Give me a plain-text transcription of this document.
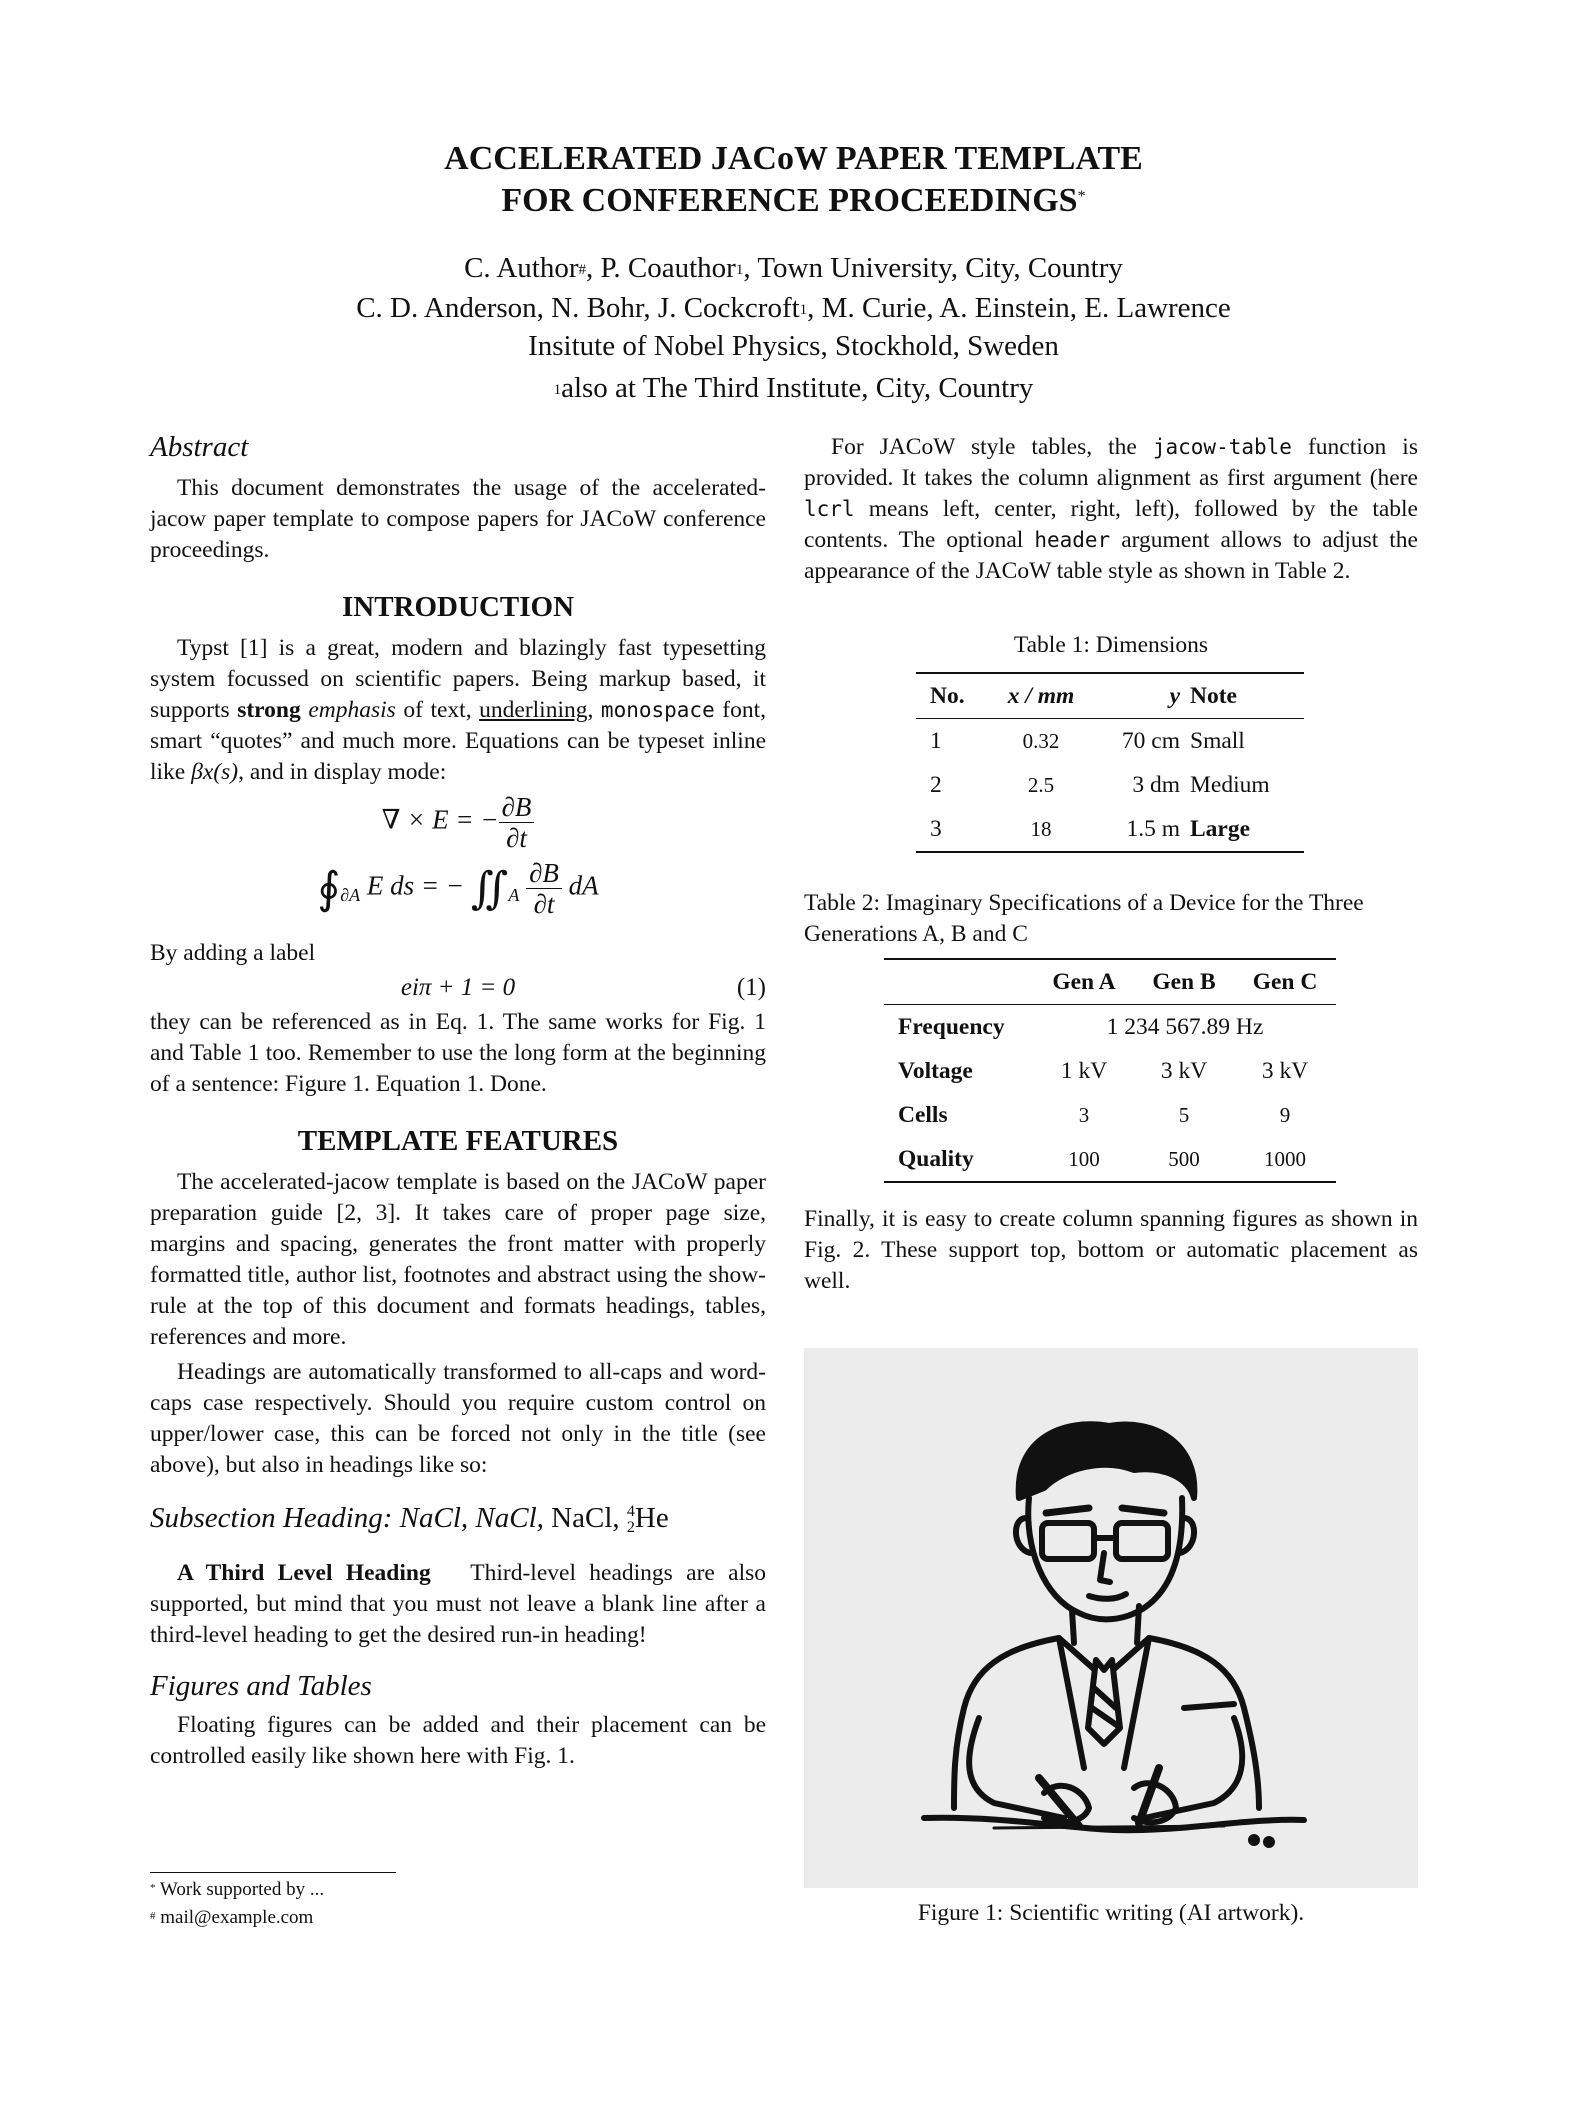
ACCELERATED JACoW PAPER TEMPLATE
FOR CONFERENCE PROCEEDINGS*
C. Author#, P. Coauthor$^1$, Town University, City, Country
C. D. Anderson, N. Bohr, J. Cockcroft$^1$, M. Curie, A. Einstein, E. Lawrence
Insitute of Nobel Physics, Stockhold, Sweden
$^1$also at The Third Institute, City, Country
Abstract
This document demonstrates the usage of the accelerated-jacow paper template to compose papers for JACoW conference proceedings.
INTRODUCTION
Typst [1] is a great, modern and blazingly fast typesetting system focussed on scientific papers. Being markup based, it supports strong emphasis of text, underlining, monospace font, smart “quotes” and much more. Equations can be typeset inline like βx(s), and in display mode:
∇ × E = − $\frac{\partial B}{\partial t}$
$∮_{\partial A}$ E ds = − $∬_A \frac{\partial B}{\partial t}$ dA
By adding a label
eiπ + 1 = 0	(1)
they can be referenced as in Eq. 1. The same works for Fig. 1 and Table 1 too. Remember to use the long form at the beginning of a sentence: Figure 1. Equation 1. Done.
TEMPLATE FEATURES
The accelerated-jacow template is based on the JACoW paper preparation guide [2, 3]. It takes care of proper page size, margins and spacing, generates the front matter with properly formatted title, author list, footnotes and abstract using the show-rule at the top of this document and formats headings, tables, references and more.
Headings are automatically transformed to all-caps and word-caps case respectively. Should you require custom control on upper/lower case, this can be forced not only in the title (see above), but also in headings like so:
Subsection Heading: NaCl, NaCl, NaCl, 4
2 He
A Third Level Heading Third-level headings are also supported, but mind that you must not leave a blank line after a third-level heading to get the desired run-in heading!
Figures and Tables
Floating figures can be added and their placement can be controlled easily like shown here with Fig. 1.
* Work supported by ...
# mail@example.com
For JACoW style tables, the jacow-table function is provided. It takes the column alignment as first argument (here lcrl means left, center, right, left), followed by the table contents. The optional header argument allows to adjust the appearance of the JACoW table style as shown in Table 2.
Table 1: Dimensions
No.	x / mm	y	Note
1	0.32	70 cm	Small
2	2.5	3 dm	Medium
3	18	1.5 m	Large
Table 2: Imaginary Specifications of a Device for the Three Generations A, B and C
	Gen A	Gen B	Gen C
Frequency	1 234 567.89 Hz		
Voltage	1 kV	3 kV	3 kV
Cells	3	5	9
Quality	100	500	1000
Finally, it is easy to create column spanning figures as shown in Fig. 2. These support top, bottom or automatic placement as well.
Figure 1: Scientific writing (AI artwork).
